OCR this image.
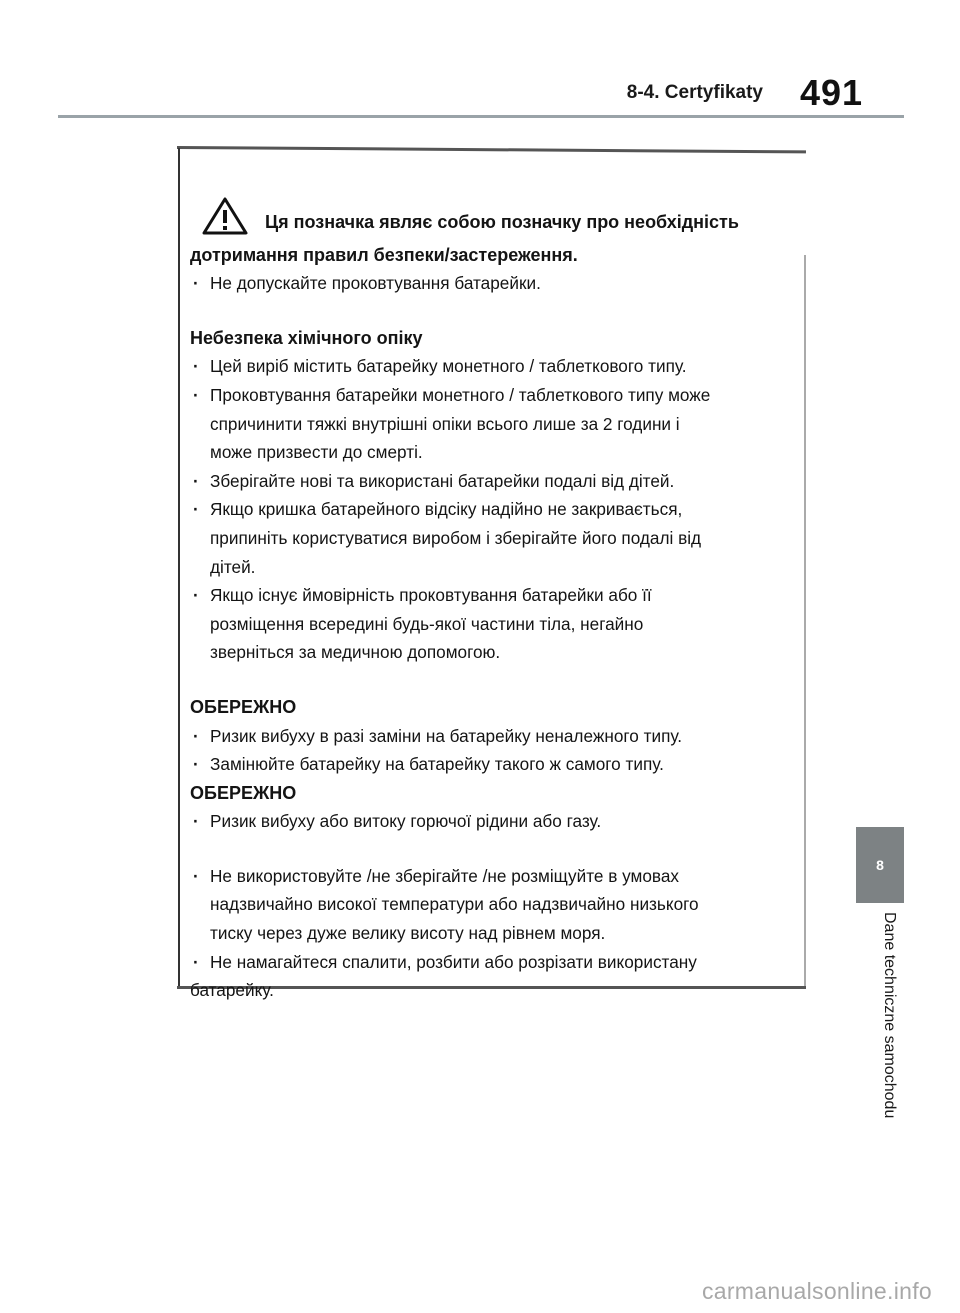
8-4. Certyfikaty 491
8
Dane techniczne samochodu
Ця позначка являє собою позначку про необхідність
дотримання правил безпеки/застереження.
· Не допускайте проковтування батарейки.
Небезпека хімічного опіку
· Цей виріб містить батарейку монетного / таблеткового типу.
· Проковтування батарейки монетного / таблеткового типу може
спричинити тяжкі внутрішні опіки всього лише за 2 години і
може призвести до смерті.
· Зберігайте нові та використані батарейки подалі від дітей.
· Якщо кришка батарейного відсіку надійно не закривається,
припиніть користуватися виробом і зберігайте його подалі від
дітей.
· Якщо існує ймовірність проковтування батарейки або її
розміщення всередині будь-якої частини тіла, негайно
зверніться за медичною допомогою.
ОБЕРЕЖНО
· Ризик вибуху в разі заміни на батарейку неналежного типу.
· Замінюйте батарейку на батарейку такого ж самого типу.
ОБЕРЕЖНО
· Ризик вибуху або витоку горючої рідини або газу.
· Не використовуйте /не зберігайте /не розміщуйте в умовах
надзвичайно високої температури або надзвичайно низького
тиску через дуже велику висоту над рівнем моря.
· Не намагайтеся спалити, розбити або розрізати використану
батарейку.
carmanualsonline.info
